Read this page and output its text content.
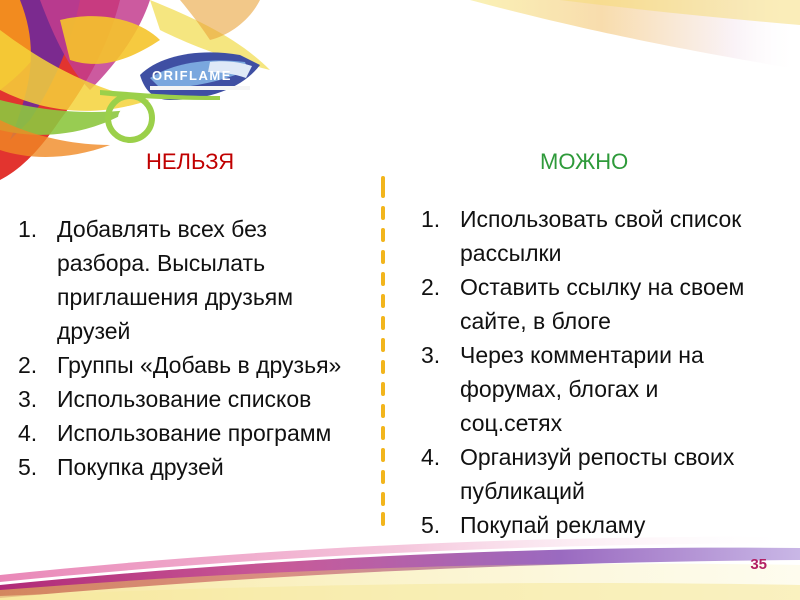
ORIFLAME
НЕЛЬЗЯ	МОЖНО
1. Добавлять всех без разбора. Высылать приглашения друзьям друзей
2. Группы «Добавь в друзья»
3. Использование списков
4. Использование программ
5. Покупка друзей
1. Использовать свой список рассылки
2. Оставить ссылку на своем сайте, в блоге
3. Через комментарии на форумах, блогах и соц.сетях
4. Организуй репосты своих публикаций
5. Покупай рекламу
35
